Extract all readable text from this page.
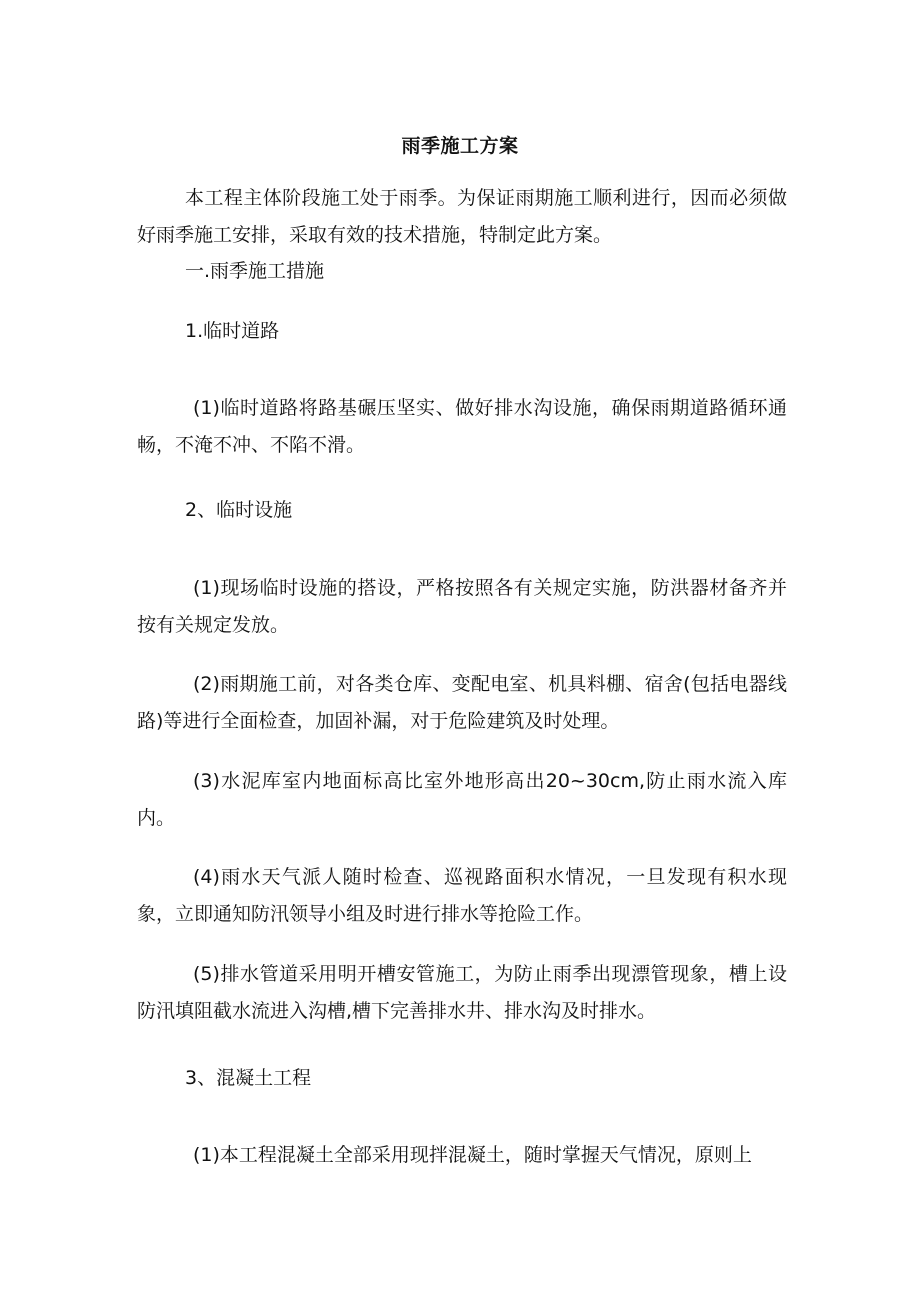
雨季施工方案
本工程主体阶段施工处于雨季。为保证雨期施工顺利进行，因而必须做好雨季施工安排，采取有效的技术措施，特制定此方案。
一.雨季施工措施
1.临时道路
(1)临时道路将路基碾压坚实、做好排水沟设施，确保雨期道路循环通畅，不淹不冲、不陷不滑。
2、临时设施
(1)现场临时设施的搭设，严格按照各有关规定实施，防洪器材备齐并按有关规定发放。
(2)雨期施工前，对各类仓库、变配电室、机具料棚、宿舍(包括电器线路)等进行全面检查，加固补漏，对于危险建筑及时处理。
(3)水泥库室内地面标高比室外地形高出20~30cm,防止雨水流入库内。
(4)雨水天气派人随时检查、巡视路面积水情况，一旦发现有积水现象，立即通知防汛领导小组及时进行排水等抢险工作。
(5)排水管道采用明开槽安管施工，为防止雨季出现漂管现象，槽上设防汛填阻截水流进入沟槽,槽下完善排水井、排水沟及时排水。
3、混凝土工程
(1)本工程混凝土全部采用现拌混凝土，随时掌握天气情况，原则上
